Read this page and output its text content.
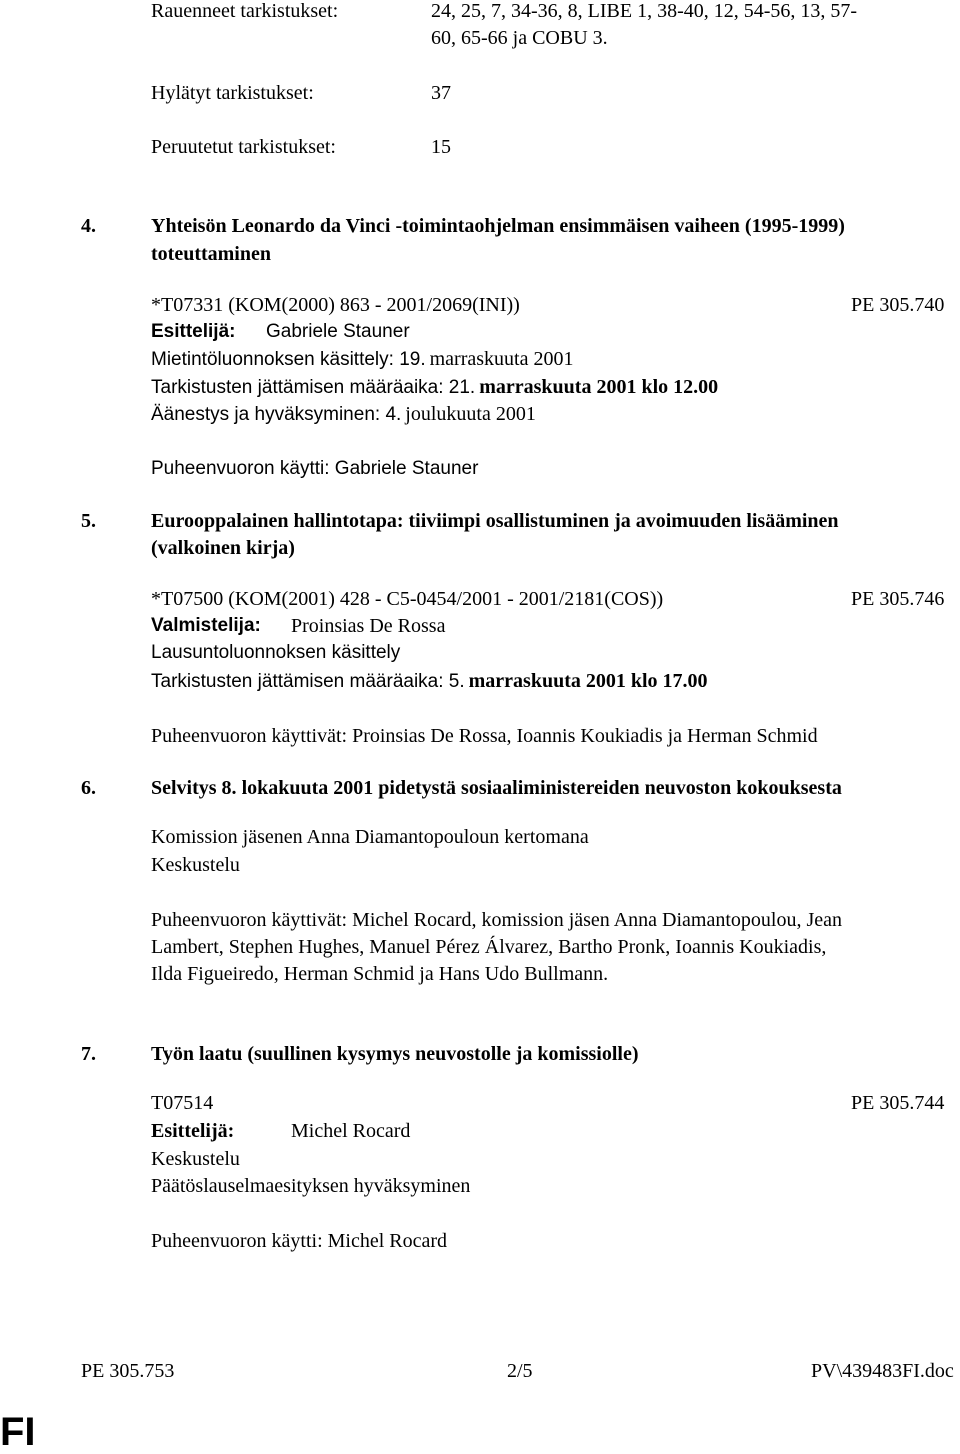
Rauenneet tarkistukset:	24, 25, 7, 34-36, 8, LIBE 1, 38-40, 12, 54-56, 13, 57-
60, 65-66 ja COBU 3.
Hylätyt tarkistukset:	37
Peruutetut tarkistukset:	15
4.	Yhteisön Leonardo da Vinci -toimintaohjelman ensimmäisen vaiheen (1995-1999)
toteuttaminen
*T07331 (KOM(2000) 863 - 2001/2069(INI))	PE 305.740
Esittelijä: Gabriele Stauner
Mietintöluonnoksen käsittely: 19. marraskuuta 2001
Tarkistusten jättämisen määräaika: 21. marraskuuta 2001 klo 12.00
Äänestys ja hyväksyminen: 4. joulukuuta 2001
Puheenvuoron käytti: Gabriele Stauner
5.	Eurooppalainen hallintotapa: tiiviimpi osallistuminen ja avoimuuden lisääminen
(valkoinen kirja)
*T07500 (KOM(2001) 428 - C5-0454/2001 - 2001/2181(COS))	PE 305.746
Valmistelija: Proinsias De Rossa
Lausuntoluonnoksen käsittely
Tarkistusten jättämisen määräaika: 5. marraskuuta 2001 klo 17.00
Puheenvuoron käyttivät: Proinsias De Rossa, Ioannis Koukiadis ja Herman Schmid
6.	Selvitys 8. lokakuuta 2001 pidetystä sosiaaliministereiden neuvoston kokouksesta
Komission jäsenen Anna Diamantopouloun kertomana
Keskustelu
Puheenvuoron käyttivät: Michel Rocard, komission jäsen Anna Diamantopoulou, Jean
Lambert, Stephen Hughes, Manuel Pérez Álvarez, Bartho Pronk, Ioannis Koukiadis,
Ilda Figueiredo, Herman Schmid ja Hans Udo Bullmann.
7.	Työn laatu (suullinen kysymys neuvostolle ja komissiolle)
T07514	PE 305.744
Esittelijä:	Michel Rocard
Keskustelu
Päätöslauselmaesityksen hyväksyminen
Puheenvuoron käytti: Michel Rocard
PE 305.753	2/5	PV\439483FI.doc
FI
